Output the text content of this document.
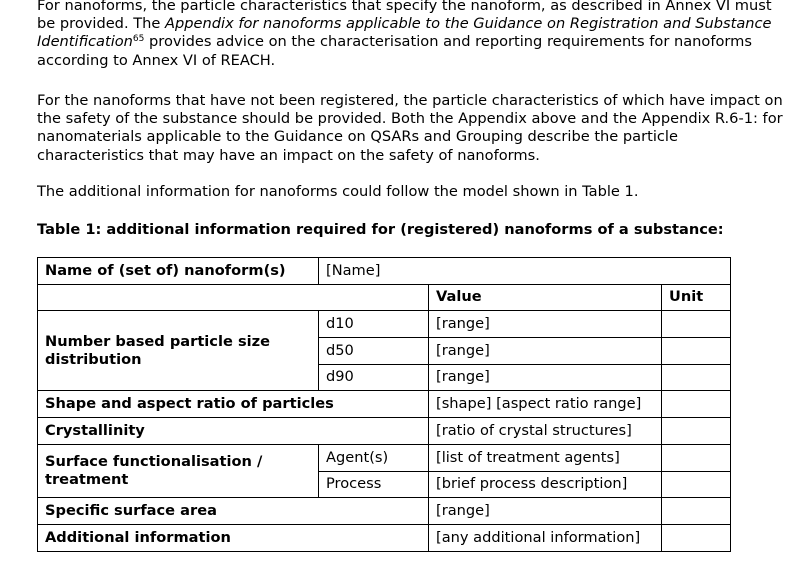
For nanoforms, the particle characteristics that specify the nanoform, as described in Annex VI must be provided. The Appendix for nanoforms applicable to the Guidance on Registration and Substance Identification$^{65}$ provides advice on the characterisation and reporting requirements for nanoforms according to Annex VI of REACH.

For the nanoforms that have not been registered, the particle characteristics of which have impact on the safety of the substance should be provided. Both the Appendix above and the Appendix R.6-1: for nanomaterials applicable to the Guidance on QSARs and Grouping describe the particle characteristics that may have an impact on the safety of nanoforms.

The additional information for nanoforms could follow the model shown in Table 1.

Table 1: additional information required for (registered) nanoforms of a substance:

Name of (set of) nanoform(s)	[Name]		
		Value	Unit
Number based particle size distribution	d10	[range]	
	d50	[range]	
	d90	[range]	
Shape and aspect ratio of particles		[shape] [aspect ratio range]	
Crystallinity		[ratio of crystal structures]	
Surface functionalisation / treatment	Agent(s)	[list of treatment agents]	
	Process	[brief process description]	
Specific surface area		[range]	
Additional information		[any additional information]	
